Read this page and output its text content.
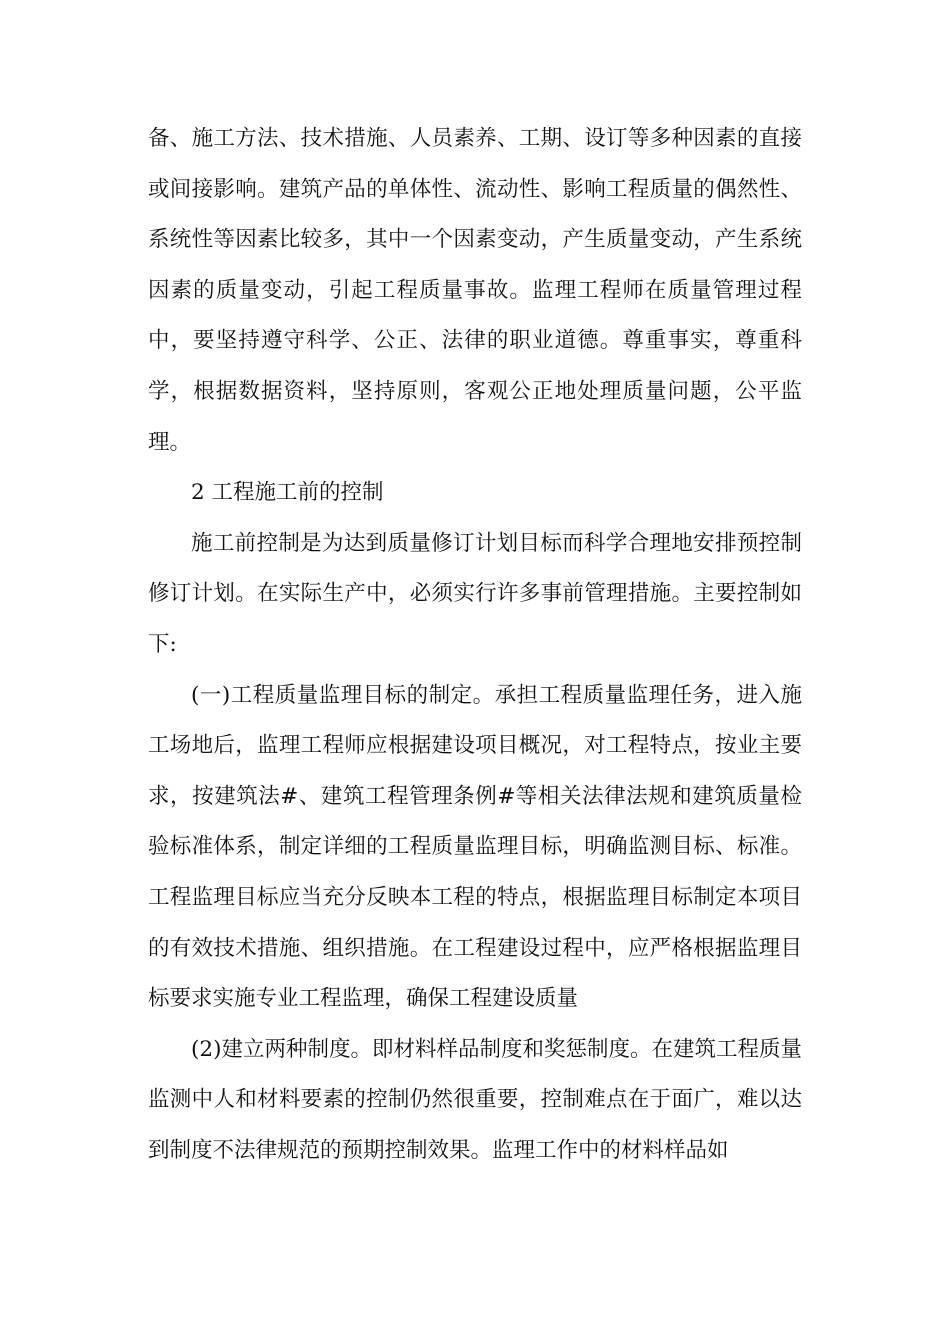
备、施工方法、技术措施、人员素养、工期、设订等多种因素的直接或间接影响。建筑产品的单体性、流动性、影响工程质量的偶然性、系统性等因素比较多，其中一个因素变动，产生质量变动，产生系统因素的质量变动，引起工程质量事故。监理工程师在质量管理过程中，要坚持遵守科学、公正、法律的职业道德。尊重事实，尊重科学，根据数据资料，坚持原则，客观公正地处理质量问题，公平监理。

2 工程施工前的控制

施工前控制是为达到质量修订计划目标而科学合理地安排预控制修订计划。在实际生产中，必须实行许多事前管理措施。主要控制如下:

(一)工程质量监理目标的制定。承担工程质量监理任务，进入施工场地后，监理工程师应根据建设项目概况，对工程特点，按业主要求，按建筑法#、建筑工程管理条例#等相关法律法规和建筑质量检验标准体系，制定详细的工程质量监理目标，明确监测目标、标准。工程监理目标应当充分反映本工程的特点，根据监理目标制定本项目的有效技术措施、组织措施。在工程建设过程中，应严格根据监理目标要求实施专业工程监理，确保工程建设质量

(2)建立两种制度。即材料样品制度和奖惩制度。在建筑工程质量监测中人和材料要素的控制仍然很重要，控制难点在于面广，难以达到制度不法律规范的预期控制效果。监理工作中的材料样品如
